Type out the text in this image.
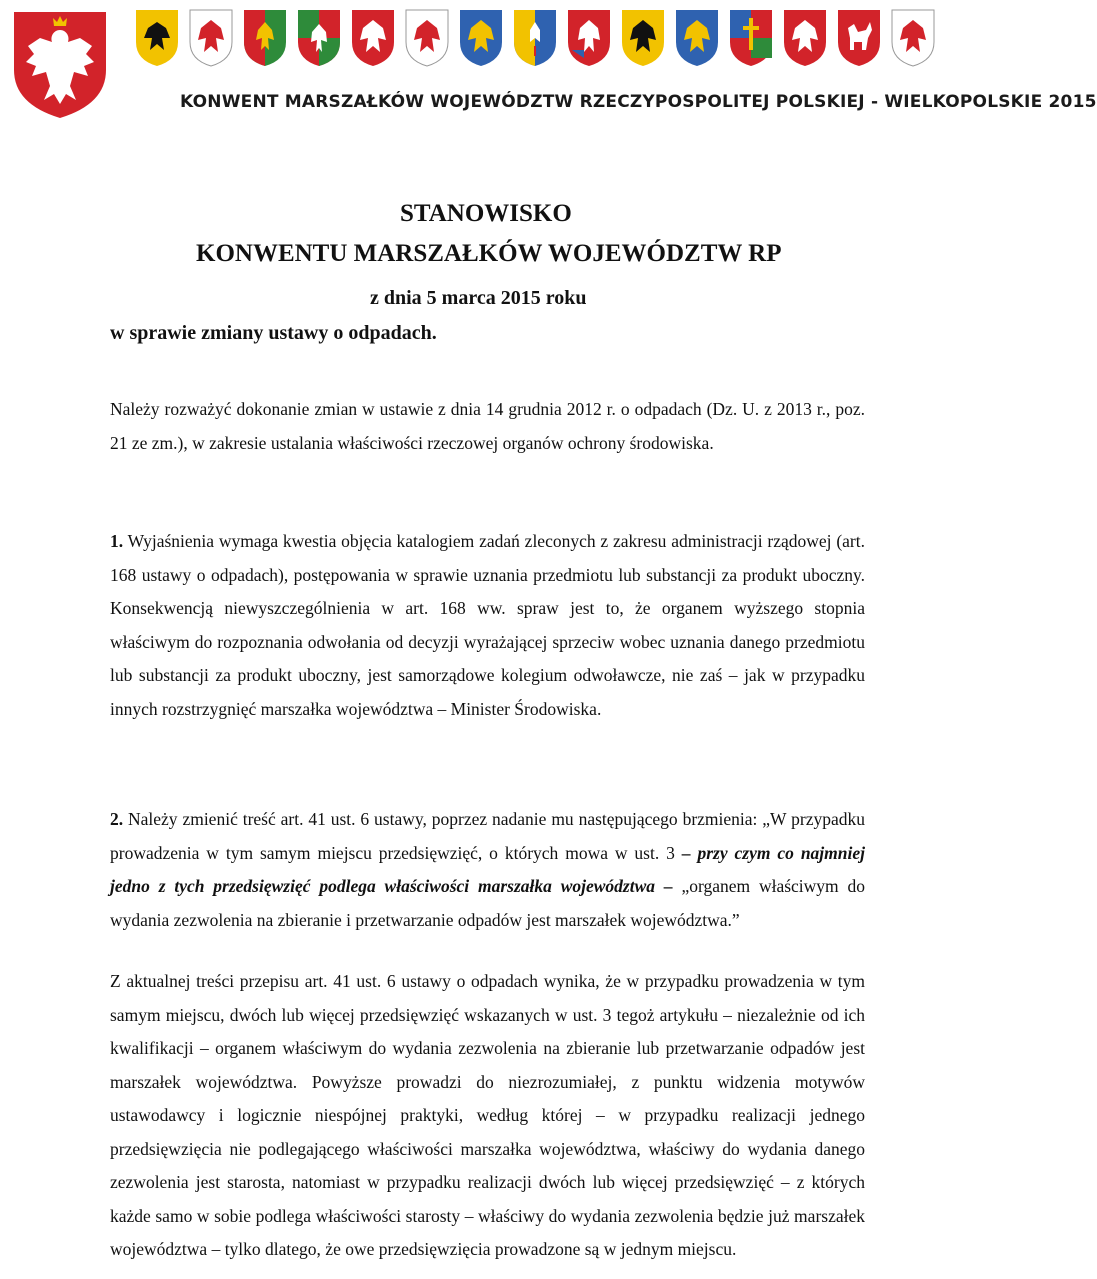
KONWENT MARSZAŁKÓW WOJEWÓDZTW RZECZYPOSPOLITEJ POLSKIEJ - WIELKOPOLSKIE 2015
STANOWISKO
KONWENTU MARSZAŁKÓW WOJEWÓDZTW RP
z dnia 5 marca 2015 roku
w sprawie zmiany ustawy o odpadach.

Należy rozważyć dokonanie zmian w ustawie z dnia 14 grudnia 2012 r. o odpadach (Dz. U. z 2013 r., poz. 21 ze zm.), w zakresie ustalania właściwości rzeczowej organów ochrony środowiska.

1. Wyjaśnienia wymaga kwestia objęcia katalogiem zadań zleconych z zakresu administracji rządowej (art. 168 ustawy o odpadach), postępowania w sprawie uznania przedmiotu lub substancji za produkt uboczny. Konsekwencją niewyszczególnienia w art. 168 ww. spraw jest to, że organem wyższego stopnia właściwym do rozpoznania odwołania od decyzji wyrażającej sprzeciw wobec uznania danego przedmiotu lub substancji za produkt uboczny, jest samorządowe kolegium odwoławcze, nie zaś – jak w przypadku innych rozstrzygnięć marszałka województwa – Minister Środowiska.

2. Należy zmienić treść art. 41 ust. 6 ustawy, poprzez nadanie mu następującego brzmienia: „W przypadku prowadzenia w tym samym miejscu przedsięwzięć, o których mowa w ust. 3 – przy czym co najmniej jedno z tych przedsięwzięć podlega właściwości marszałka województwa – „organem właściwym do wydania zezwolenia na zbieranie i przetwarzanie odpadów jest marszałek województwa.”

Z aktualnej treści przepisu art. 41 ust. 6 ustawy o odpadach wynika, że w przypadku prowadzenia w tym samym miejscu, dwóch lub więcej przedsięwzięć wskazanych w ust. 3 tegoż artykułu – niezależnie od ich kwalifikacji – organem właściwym do wydania zezwolenia na zbieranie lub przetwarzanie odpadów jest marszałek województwa. Powyższe prowadzi do niezrozumiałej, z punktu widzenia motywów ustawodawcy i logicznie niespójnej praktyki, według której – w przypadku realizacji jednego przedsięwzięcia nie podlegającego właściwości marszałka województwa, właściwy do wydania danego zezwolenia jest starosta, natomiast w przypadku realizacji dwóch lub więcej przedsięwzięć – z których każde samo w sobie podlega właściwości starosty – właściwy do wydania zezwolenia będzie już marszałek województwa – tylko dlatego, że owe przedsięwzięcia prowadzone są w jednym miejscu.
